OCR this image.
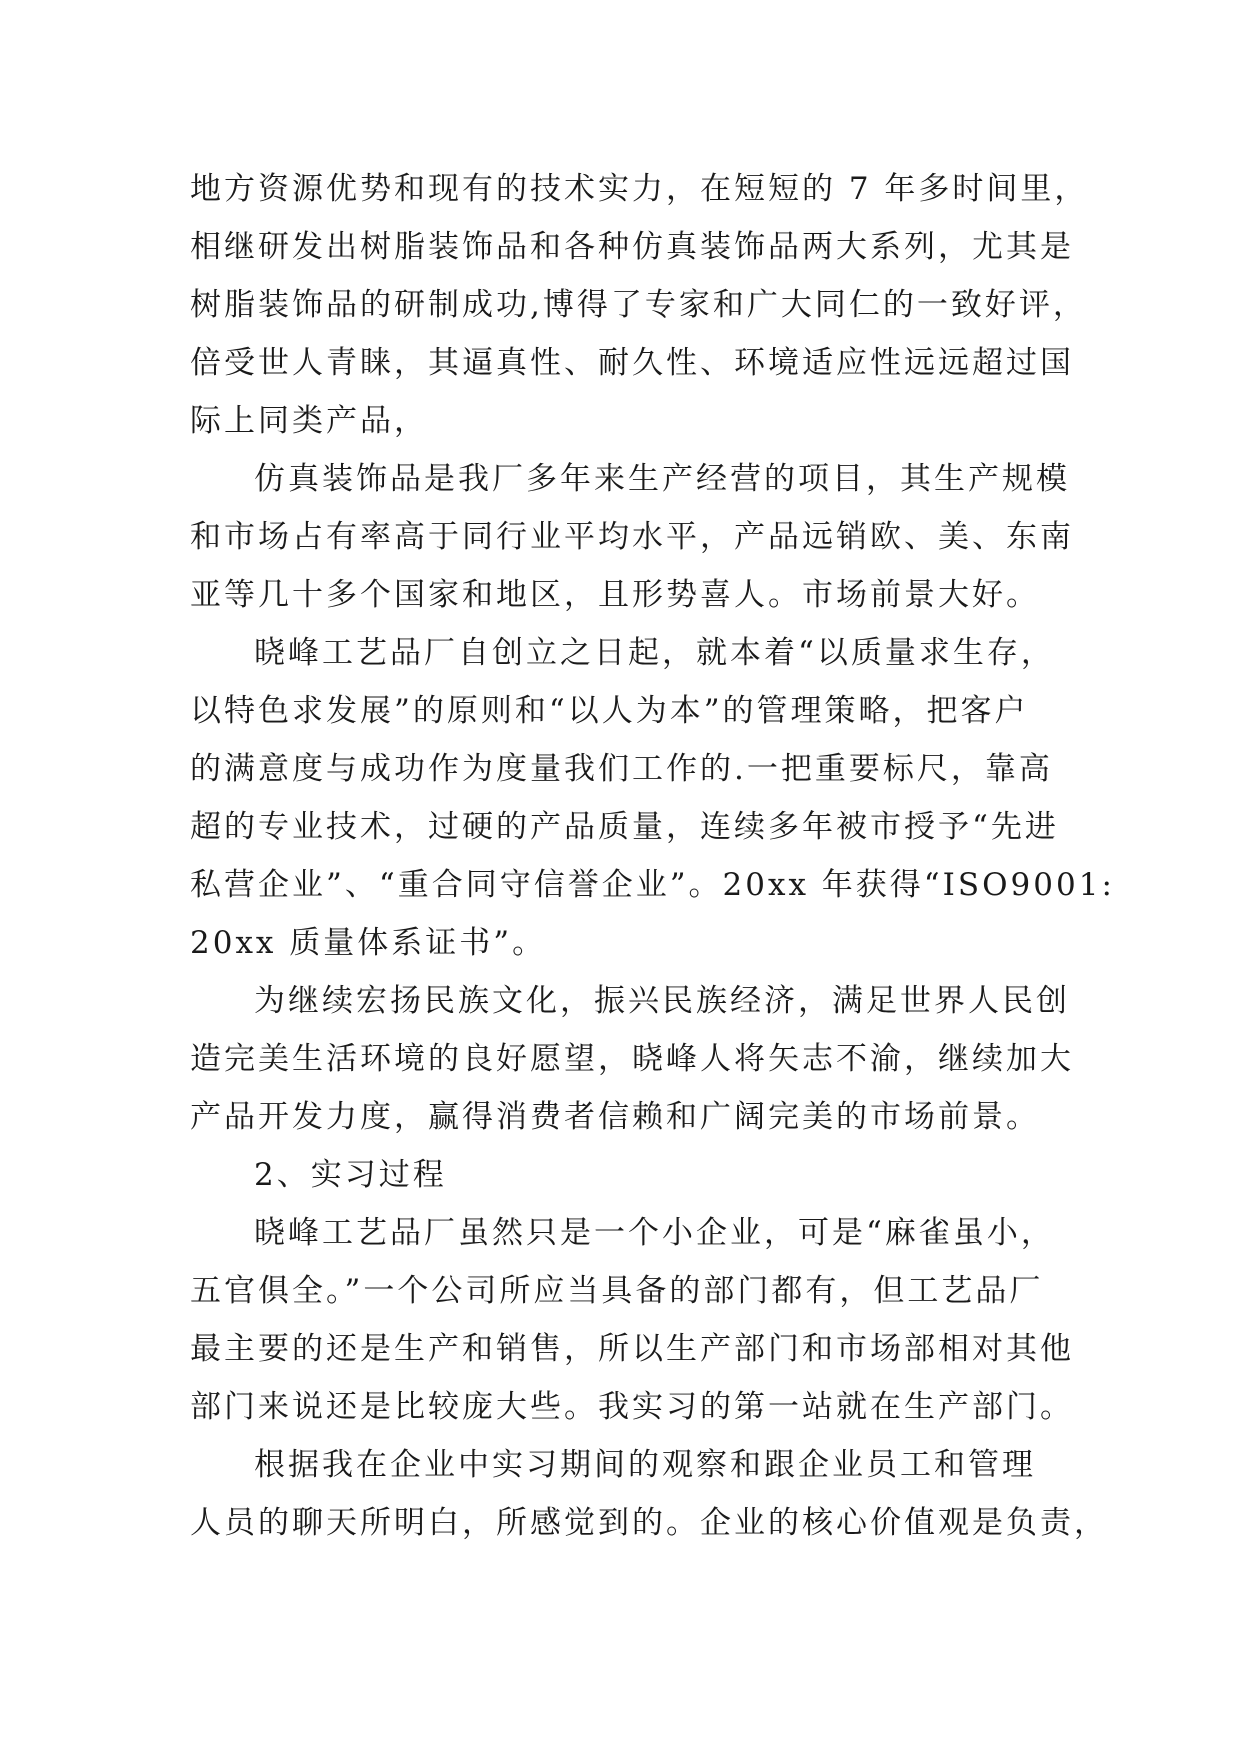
地方资源优势和现有的技术实力，在短短的 7 年多时间里，
相继研发出树脂装饰品和各种仿真装饰品两大系列，尤其是
树脂装饰品的研制成功,博得了专家和广大同仁的一致好评，
倍受世人青睐，其逼真性、耐久性、环境适应性远远超过国
际上同类产品，
仿真装饰品是我厂多年来生产经营的项目，其生产规模
和市场占有率高于同行业平均水平，产品远销欧、美、东南
亚等几十多个国家和地区，且形势喜人。市场前景大好。
晓峰工艺品厂自创立之日起，就本着“以质量求生存，
以特色求发展”的原则和“以人为本”的管理策略，把客户
的满意度与成功作为度量我们工作的.一把重要标尺，靠高
超的专业技术，过硬的产品质量，连续多年被市授予“先进
私营企业”、“重合同守信誉企业”。20xx 年获得“ISO9001:
20xx 质量体系证书”。
为继续宏扬民族文化，振兴民族经济，满足世界人民创
造完美生活环境的良好愿望，晓峰人将矢志不渝，继续加大
产品开发力度，赢得消费者信赖和广阔完美的市场前景。
2、实习过程
晓峰工艺品厂虽然只是一个小企业，可是“麻雀虽小，
五官俱全。”一个公司所应当具备的部门都有，但工艺品厂
最主要的还是生产和销售，所以生产部门和市场部相对其他
部门来说还是比较庞大些。我实习的第一站就在生产部门。
根据我在企业中实习期间的观察和跟企业员工和管理
人员的聊天所明白，所感觉到的。企业的核心价值观是负责，
